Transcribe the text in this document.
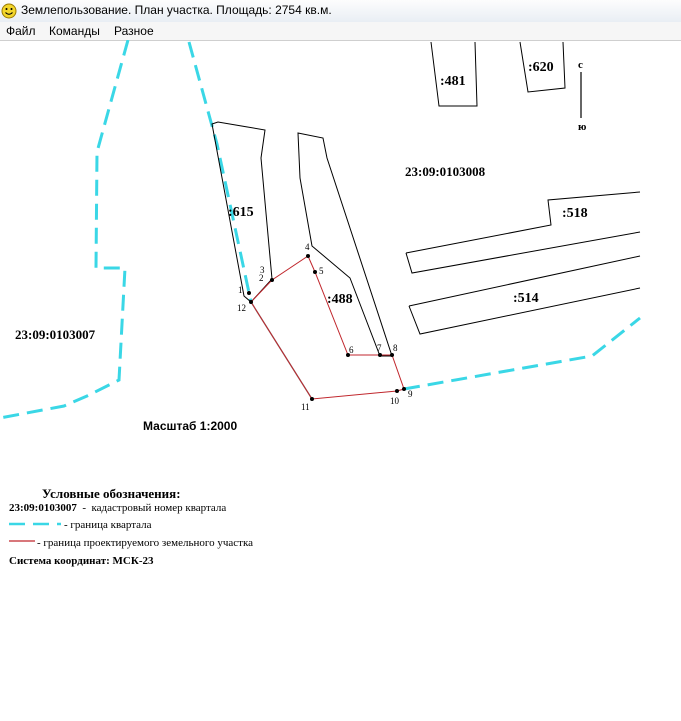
Землепользование. План участка. Площадь: 2754 кв.м.
Файл Команды Разное
:481
:620
:615	:518
:488	:514
23:09:0103008
23:09:0103007
с
ю
1
2
3
4
5
6	7 8
9
10
11
12
Масштаб 1:2000
Условные обозначения:
23:09:0103007  -  кадастровый номер квартала
- граница квартала
- граница проектируемого земельного участка
Система координат: МСК-23
